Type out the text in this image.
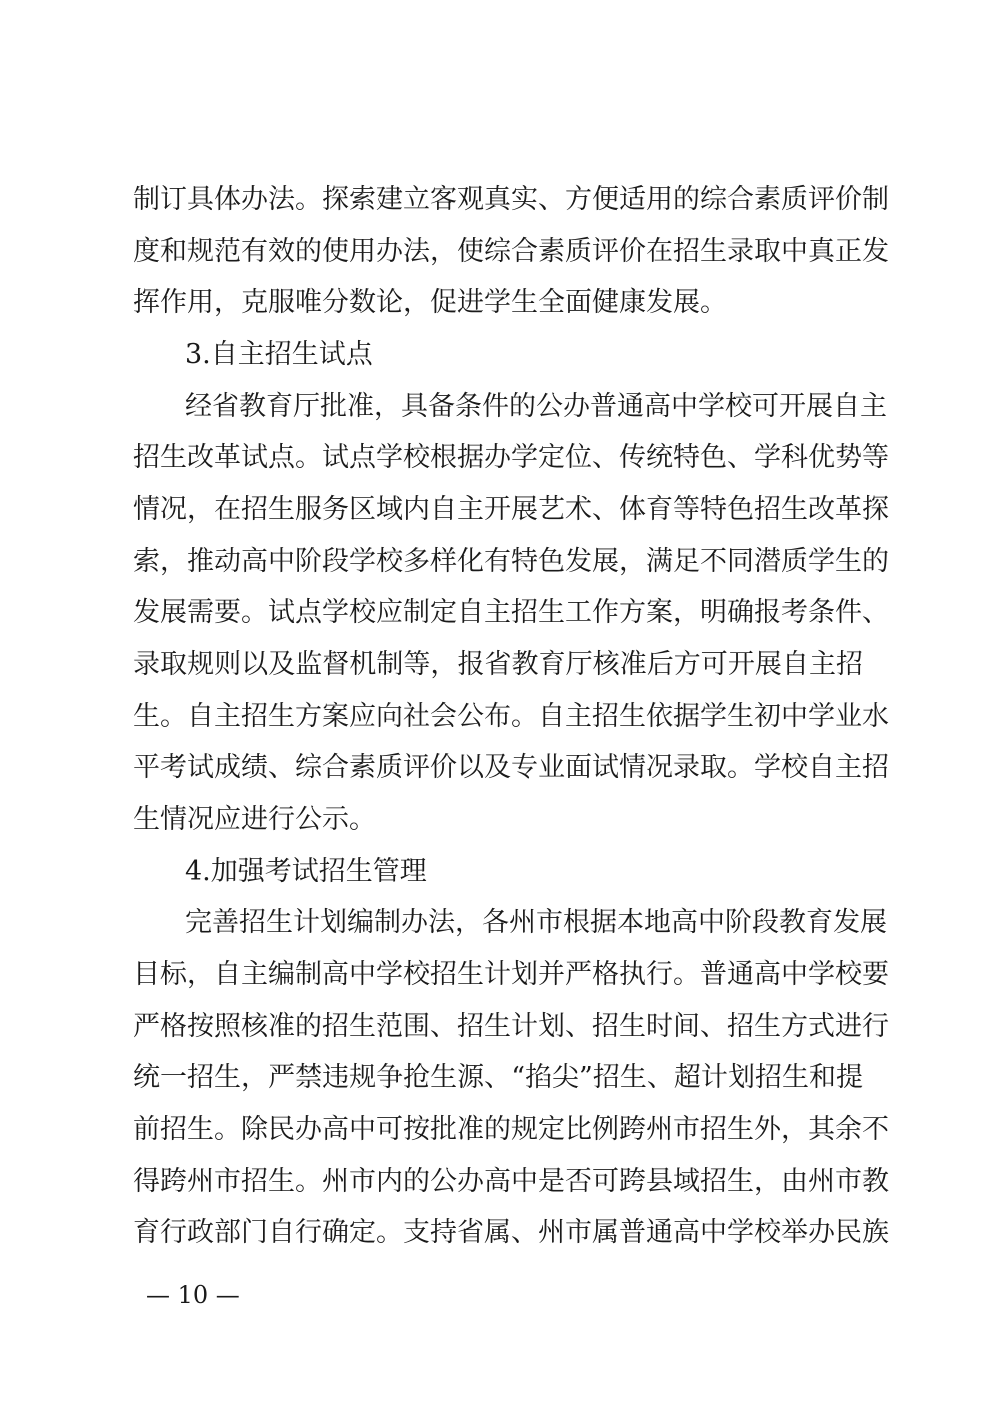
制订具体办法。探索建立客观真实、方便适用的综合素质评价制
度和规范有效的使用办法，使综合素质评价在招生录取中真正发
挥作用，克服唯分数论，促进学生全面健康发展。
3.自主招生试点
经省教育厅批准，具备条件的公办普通高中学校可开展自主
招生改革试点。试点学校根据办学定位、传统特色、学科优势等
情况，在招生服务区域内自主开展艺术、体育等特色招生改革探
索，推动高中阶段学校多样化有特色发展，满足不同潜质学生的
发展需要。试点学校应制定自主招生工作方案，明确报考条件、
录取规则以及监督机制等，报省教育厅核准后方可开展自主招
生。自主招生方案应向社会公布。自主招生依据学生初中学业水
平考试成绩、综合素质评价以及专业面试情况录取。学校自主招
生情况应进行公示。
4.加强考试招生管理
完善招生计划编制办法，各州市根据本地高中阶段教育发展
目标，自主编制高中学校招生计划并严格执行。普通高中学校要
严格按照核准的招生范围、招生计划、招生时间、招生方式进行
统一招生，严禁违规争抢生源、“掐尖”招生、超计划招生和提
前招生。除民办高中可按批准的规定比例跨州市招生外，其余不
得跨州市招生。州市内的公办高中是否可跨县域招生，由州市教
育行政部门自行确定。支持省属、州市属普通高中学校举办民族
— 10 —
